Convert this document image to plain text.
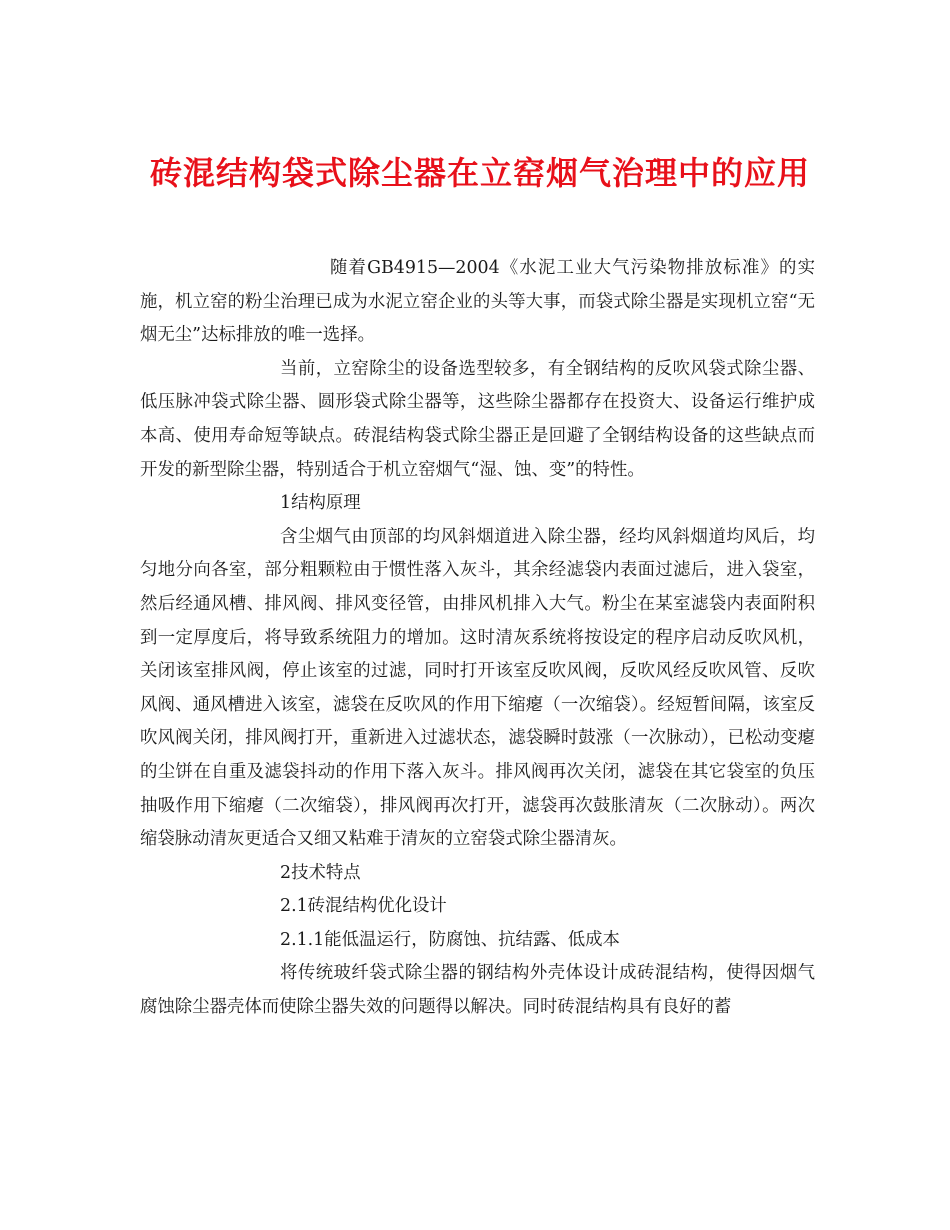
砖混结构袋式除尘器在立窑烟气治理中的应用

随着GB4915—2004《水泥工业大气污染物排放标准》的实施，机立窑的粉尘治理已成为水泥立窑企业的头等大事，而袋式除尘器是实现机立窑“无烟无尘”达标排放的唯一选择。

当前，立窑除尘的设备选型较多，有全钢结构的反吹风袋式除尘器、低压脉冲袋式除尘器、圆形袋式除尘器等，这些除尘器都存在投资大、设备运行维护成本高、使用寿命短等缺点。砖混结构袋式除尘器正是回避了全钢结构设备的这些缺点而开发的新型除尘器，特别适合于机立窑烟气“湿、蚀、变”的特性。

1结构原理

含尘烟气由顶部的均风斜烟道进入除尘器，经均风斜烟道均风后，均匀地分向各室，部分粗颗粒由于惯性落入灰斗，其余经滤袋内表面过滤后，进入袋室，然后经通风槽、排风阀、排风变径管，由排风机排入大气。粉尘在某室滤袋内表面附积到一定厚度后，将导致系统阻力的增加。这时清灰系统将按设定的程序启动反吹风机，关闭该室排风阀，停止该室的过滤，同时打开该室反吹风阀，反吹风经反吹风管、反吹风阀、通风槽进入该室，滤袋在反吹风的作用下缩瘪（一次缩袋）。经短暂间隔，该室反吹风阀关闭，排风阀打开，重新进入过滤状态，滤袋瞬时鼓涨（一次脉动），已松动变瘪的尘饼在自重及滤袋抖动的作用下落入灰斗。排风阀再次关闭，滤袋在其它袋室的负压抽吸作用下缩瘪（二次缩袋），排风阀再次打开，滤袋再次鼓胀清灰（二次脉动）。两次缩袋脉动清灰更适合又细又粘难于清灰的立窑袋式除尘器清灰。

2技术特点

2.1砖混结构优化设计

2.1.1能低温运行，防腐蚀、抗结露、低成本

将传统玻纤袋式除尘器的钢结构外壳体设计成砖混结构，使得因烟气腐蚀除尘器壳体而使除尘器失效的问题得以解决。同时砖混结构具有良好的蓄
